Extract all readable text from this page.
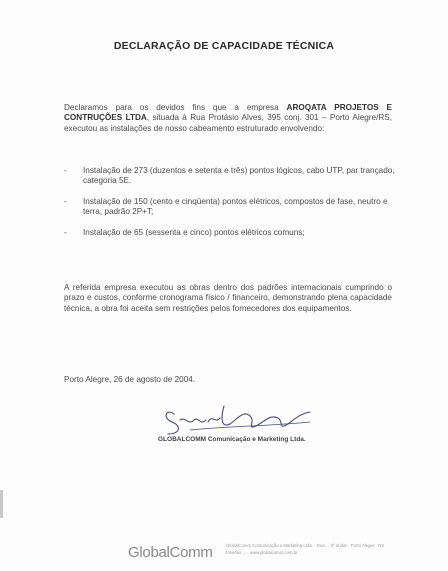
DECLARAÇÃO DE CAPACIDADE TÉCNICA
Declaramos para os devidos fins que a empresa AROQATA PROJETOS E CONTRUÇÕES LTDA, situada à Rua Protásio Alves, 395 conj. 301 – Porto Alegre/RS, executou as instalações de nosso cabeamento estruturado envolvendo:
- Instalação de 273 (duzentos e setenta e três) pontos lógicos, cabo UTP, par trançado, categoria 5E.
- Instalação de 150 (cento e cinqüenta) pontos elétricos, compostos de fase, neutro e terra, padrão 2P+T;
- Instalação de 65 (sessenta e cinco) pontos elétricos comuns;
A referida empresa executou as obras dentro dos padrões internacionais cumprindo o prazo e custos, conforme cronograma físico / financeiro, demonstrando plena capacidade técnica, a obra foi aceita sem restrições pelos fornecedores dos equipamentos.
Porto Alegre, 26 de agosto de 2004.
GLOBALCOMM Comunicação e Marketing Ltda.
GlobalComm	GlobalComm Comunicação e Marketing Ltda. · Rua ... 3° andar · Porto Alegre · RS
fone/fax ... · www.globalcomm.com.br
